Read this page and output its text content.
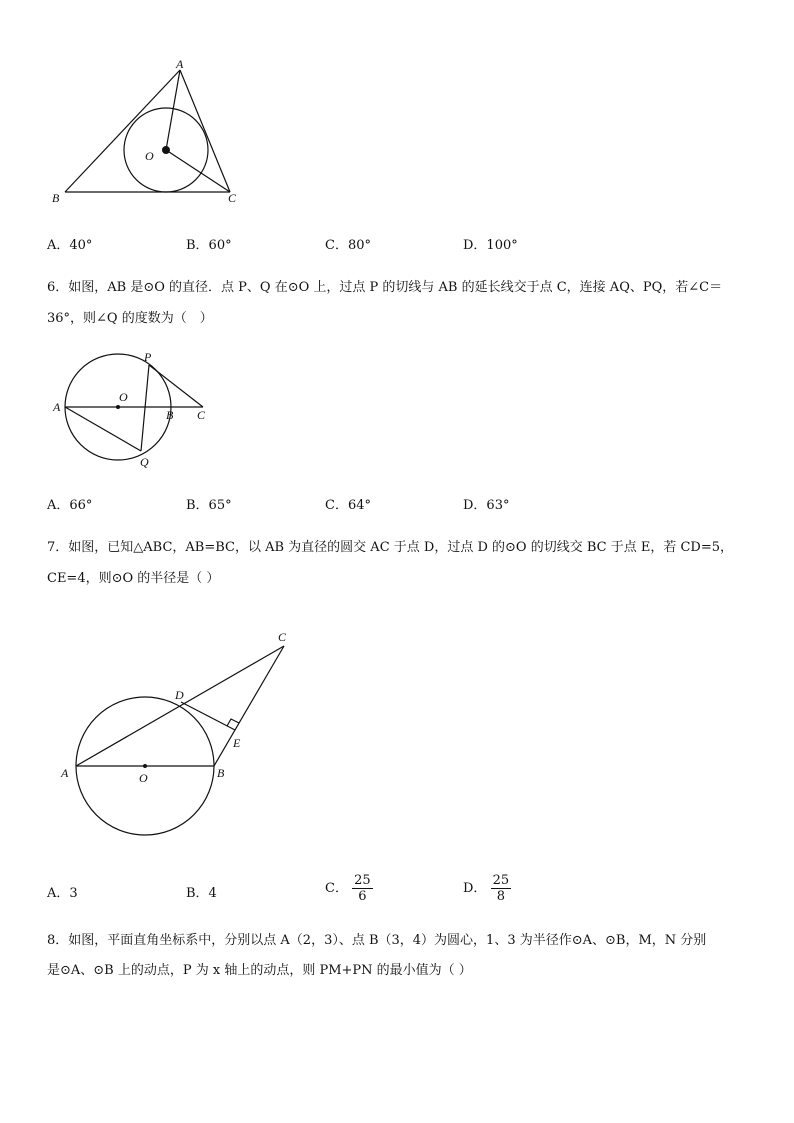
A
B	C
O
A．40°	B．60°	C．80°	D．100°
6．如图，AB 是⊙O 的直径．点 P、Q 在⊙O 上，过点 P 的切线与 AB 的延长线交于点 C，连接 AQ、PQ，若∠C＝
36°，则∠Q 的度数为（　）
A
O
B C
P
Q
A．66°	B．65°	C．64°	D．63°
7．如图，已知△ABC，AB=BC，以 AB 为直径的圆交 AC 于点 D，过点 D 的⊙O 的切线交 BC 于点 E，若 CD=5，
CE=4，则⊙O 的半径是（ ）
A	O	B
C
D
E
A．3	B．4	C． $\frac{25}{6}$	D． $\frac{25}{8}$
8．如图，平面直角坐标系中，分别以点 A（2，3）、点 B（3，4）为圆心，1、3 为半径作⊙A、⊙B，M，N 分别
是⊙A、⊙B 上的动点，P 为 x 轴上的动点，则 PM+PN 的最小值为（ ）
